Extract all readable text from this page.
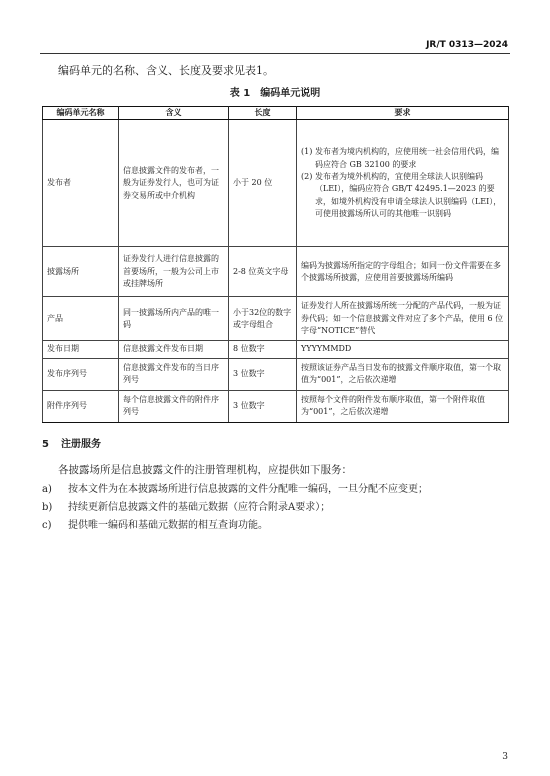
JR/T 0313—2024
编码单元的名称、含义、长度及要求见表1。
表 1 编码单元说明
编码单元名称	含义	长度	要求
发布者	信息披露文件的发布者，一般为证券发行人，也可为证券交易所或中介机构	小于 20 位	(1) 发布者为境内机构的，应使用统一社会信用代码，编码应符合 GB 32100 的要求
(2) 发布者为境外机构的，宜使用全球法人识别编码（LEI），编码应符合 GB/T 42495.1—2023 的要求，如境外机构没有申请全球法人识别编码（LEI），可使用披露场所认可的其他唯一识别码

披露场所	证券发行人进行信息披露的首要场所，一般为公司上市或挂牌场所	2-8 位英文字母	编码为披露场所指定的字母组合；如同一份文件需要在多个披露场所披露，应使用首要披露场所编码
产品	同一披露场所内产品的唯一码	小于32位的数字或字母组合	证券发行人所在披露场所统一分配的产品代码，一般为证券代码；如一个信息披露文件对应了多个产品，使用 6 位字母“NOTICE”替代
发布日期	信息披露文件发布日期	8 位数字	YYYYMMDD
发布序列号	信息披露文件发布的当日序列号	3 位数字	按照该证券产品当日发布的披露文件顺序取值，第一个取值为“001”，之后依次递增
附件序列号	每个信息披露文件的附件序列号	3 位数字	按照每个文件的附件发布顺序取值，第一个附件取值为“001”，之后依次递增
5 注册服务
各披露场所是信息披露文件的注册管理机构，应提供如下服务：
a)	按本文件为在本披露场所进行信息披露的文件分配唯一编码，一旦分配不应变更；
b)	持续更新信息披露文件的基础元数据（应符合附录A要求）；
c)	提供唯一编码和基础元数据的相互查询功能。
3
